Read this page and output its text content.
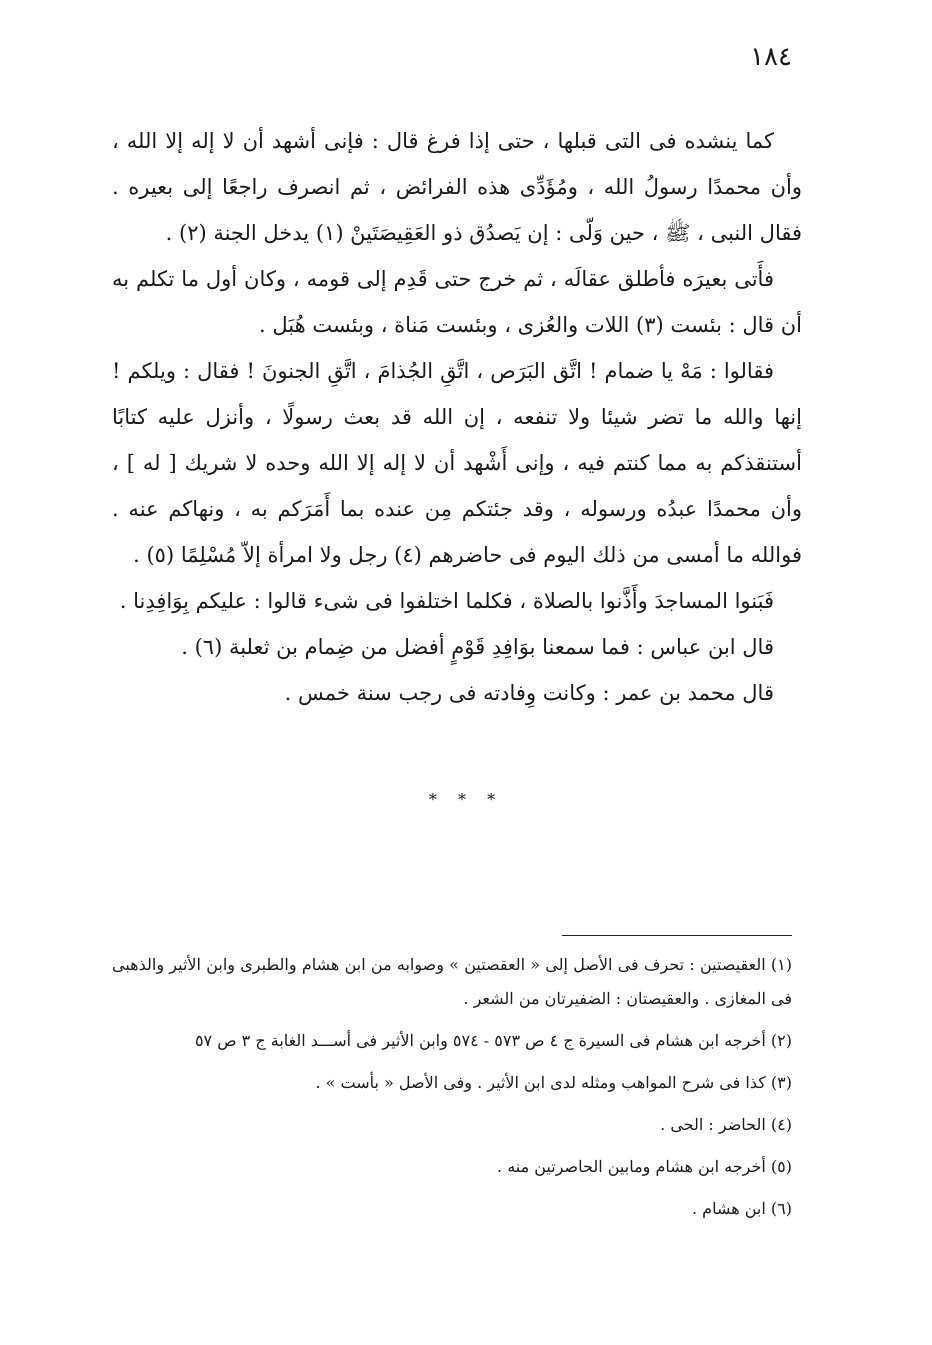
١٨٤

كما ينشده فى التى قبلها ، حتى إذا فرغ قال : فإنى أشهد أن لا إله إلا الله ، وأن محمدًا رسولُ الله ، ومُؤَدِّى هذه الفرائض ، ثم انصرف راجعًا إلى بعيره . فقال النبى ، ﷺ ، حين وَلّى : إن يَصدُق ذو العَقِيصَتَينْ (١) يدخل الجنة (٢) .

فأَتى بعيرَه فأطلق عقالَه ، ثم خرج حتى قَدِم إلى قومه ، وكان أول ما تكلم به أن قال : بئست (٣) اللات والعُزى ، وبئست مَناة ، وبئست هُبَل .

فقالوا : مَهْ يا ضمام ! اتَّق البَرَص ، اتَّقِ الجُذامَ ، اتَّقِ الجنونَ ! فقال : ويلكم ! إنها والله ما تضر شيئا ولا تنفعه ، إن الله قد بعث رسولًا ، وأنزل عليه كتابًا أستنقذكم به مما كنتم فيه ، وإنى أَشْهد أن لا إله إلا الله وحده لا شريك [ له ] ، وأن محمدًا عبدُه ورسوله ، وقد جئتكم مِن عنده بما أَمَرَكم به ، ونهاكم عنه . فوالله ما أمسى من ذلك اليوم فى حاضرهم (٤) رجل ولا امرأة إلاّ مُسْلِمًا (٥) .

فَبَنوا المساجدَ وأَذَّنوا بالصلاة ، فكلما اختلفوا فى شىء قالوا : عليكم بِوَافِدِنا .

قال ابن عباس : فما سمعنا بوَافِدِ قَوْمٍ أفضل من ضِمام بن ثعلبة (٦) .

قال محمد بن عمر : وكانت وِفادته فى رجب سنة خمس .

* * *

(١) العقيصتين : تحرف فى الأصل إلى « العقصتين » وصوابه من ابن هشام والطبرى وابن الأثير والذهبى فى المغازى . والعقيصتان : الضفيرتان من الشعر .

(٢) أخرجه ابن هشام فى السيرة ج ٤ ص ٥٧٣ - ٥٧٤ وابن الأثير فى أســـد الغابة ج ٣ ص ٥٧

(٣) كذا فى شرح المواهب ومثله لدى ابن الأثير . وفى الأصل « بأست » .

(٤) الحاضر : الحى .

(٥) أخرجه ابن هشام ومابين الحاصرتين منه .

(٦) ابن هشام .
